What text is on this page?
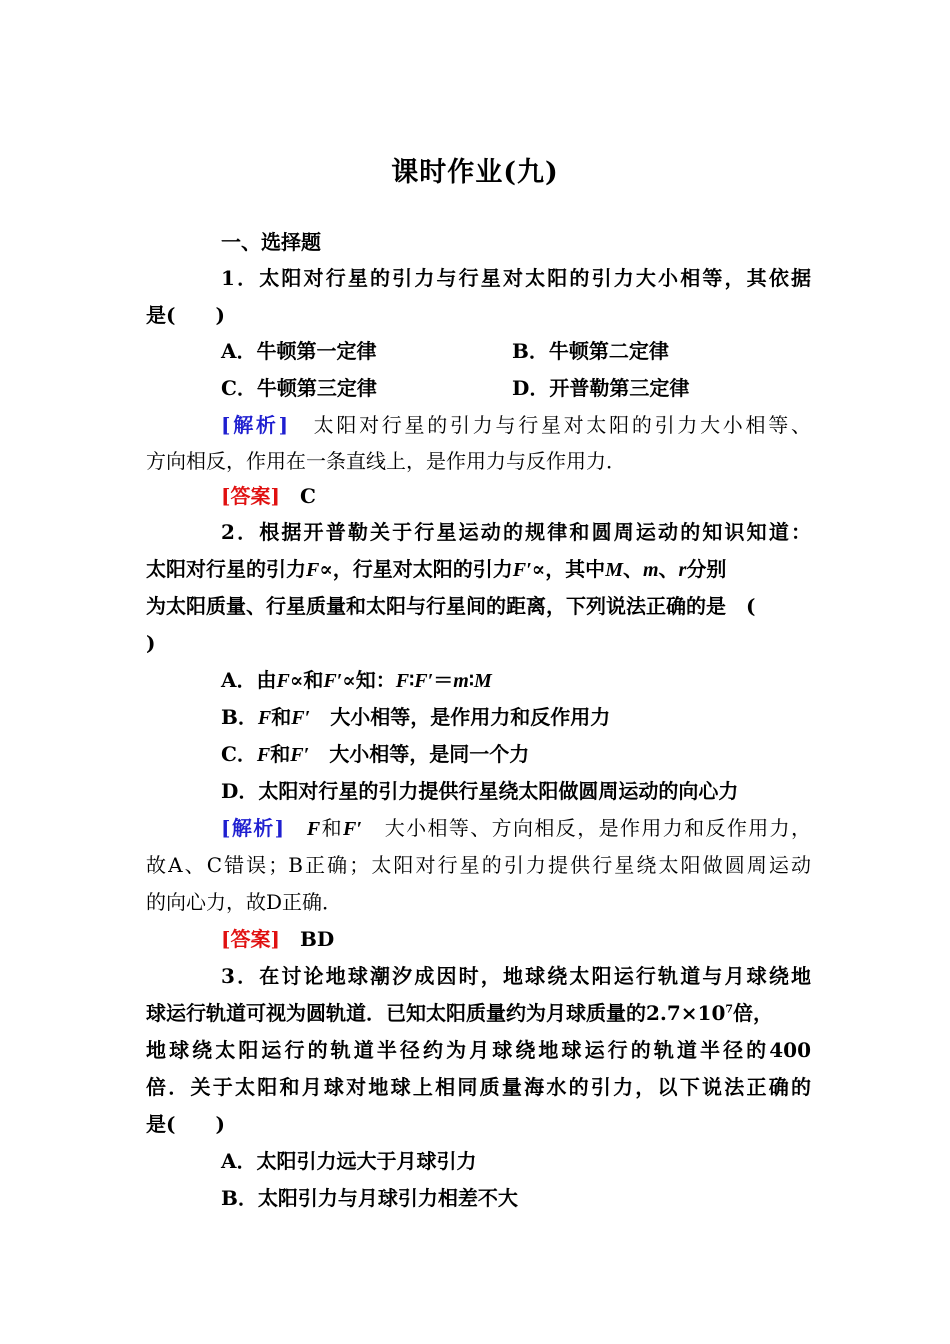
课时作业(九)
一、选择题
1．太阳对行星的引力与行星对太阳的引力大小相等，其依据
是(　　)
A．牛顿第一定律	B．牛顿第二定律
C．牛顿第三定律	D．开普勒第三定律
[解析]　 太阳对行星的引力与行星对太阳的引力大小相等、
方向相反，作用在一条直线上，是作用力与反作用力．
[答案]　 C
2．根据开普勒关于行星运动的规律和圆周运动的知识知道：
太阳对行星的引力F∝，行星对太阳的引力F′∝，其中M、m、r分别
为太阳质量、行星质量和太阳与行星间的距离，下列说法正确的是　(
)
A．由F∝和F′∝知：F∶F′＝m∶M
B．F和F′　 大小相等，是作用力和反作用力
C．F和F′　 大小相等，是同一个力
D．太阳对行星的引力提供行星绕太阳做圆周运动的向心力
[解析]　 F和F′　 大小相等、方向相反，是作用力和反作用力，
故A、C错误；B正确；太阳对行星的引力提供行星绕太阳做圆周运动
的向心力，故D正确．
[答案]　 BD
3．在讨论地球潮汐成因时，地球绕太阳运行轨道与月球绕地
球运行轨道可视为圆轨道．已知太阳质量约为月球质量的$2.7\times 10^7$倍，
地球绕太阳运行的轨道半径约为月球绕地球运行的轨道半径的400
倍．关于太阳和月球对地球上相同质量海水的引力，以下说法正确的
是(　　)
A．太阳引力远大于月球引力
B．太阳引力与月球引力相差不大
